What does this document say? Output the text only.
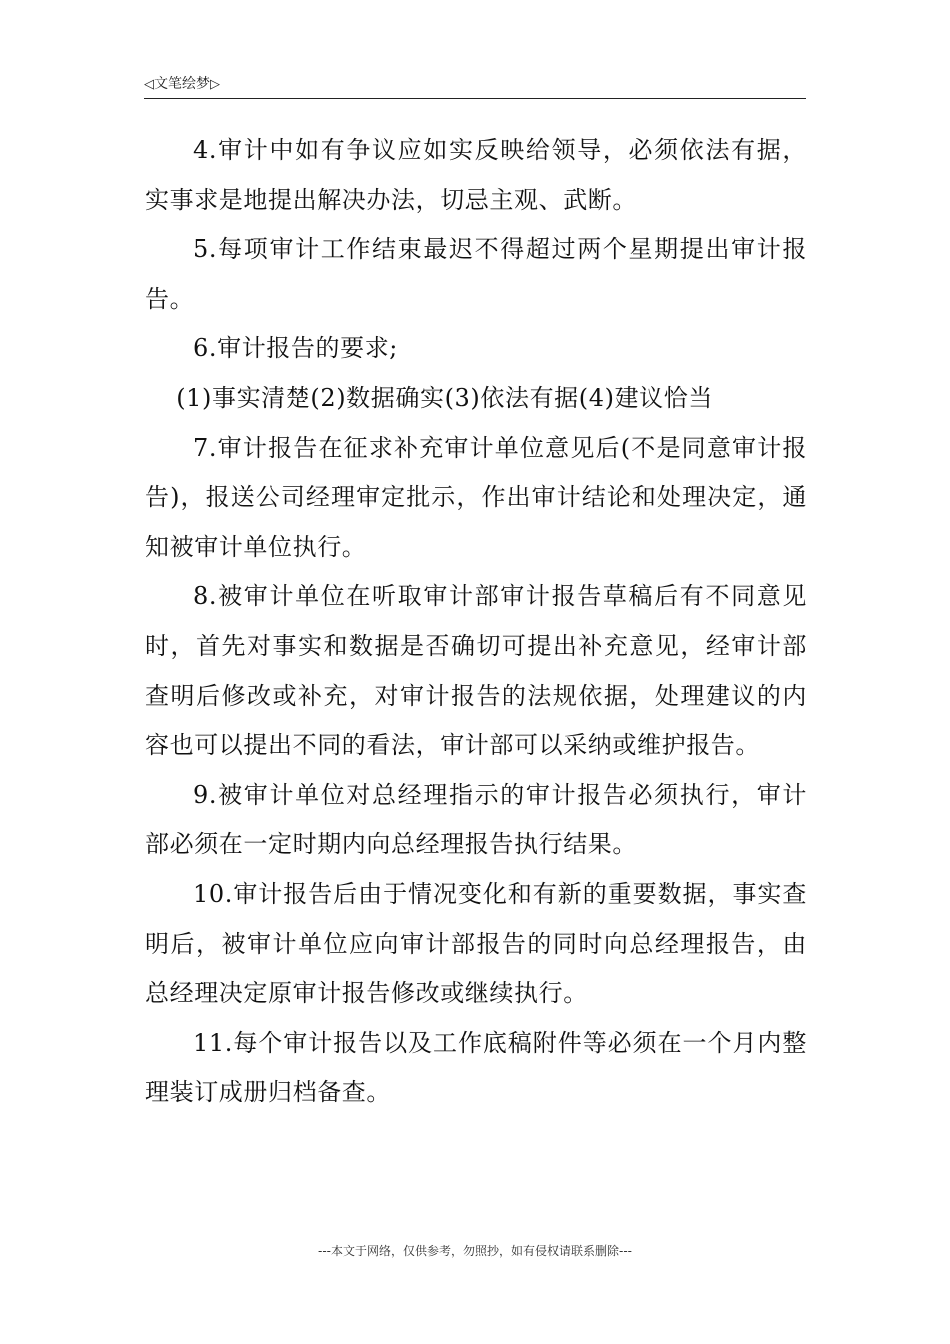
◁文笔绘梦▷

4.审计中如有争议应如实反映给领导，必须依法有据，实事求是地提出解决办法，切忌主观、武断。

5.每项审计工作结束最迟不得超过两个星期提出审计报告。

6.审计报告的要求;

(1)事实清楚(2)数据确实(3)依法有据(4)建议恰当

7.审计报告在征求补充审计单位意见后(不是同意审计报告)，报送公司经理审定批示，作出审计结论和处理决定，通知被审计单位执行。

8.被审计单位在听取审计部审计报告草稿后有不同意见时，首先对事实和数据是否确切可提出补充意见，经审计部查明后修改或补充，对审计报告的法规依据，处理建议的内容也可以提出不同的看法，审计部可以采纳或维护报告。

9.被审计单位对总经理指示的审计报告必须执行，审计部必须在一定时期内向总经理报告执行结果。

10.审计报告后由于情况变化和有新的重要数据，事实查明后，被审计单位应向审计部报告的同时向总经理报告，由总经理决定原审计报告修改或继续执行。

11.每个审计报告以及工作底稿附件等必须在一个月内整理装订成册归档备查。

---本文于网络，仅供参考，勿照抄，如有侵权请联系删除---
